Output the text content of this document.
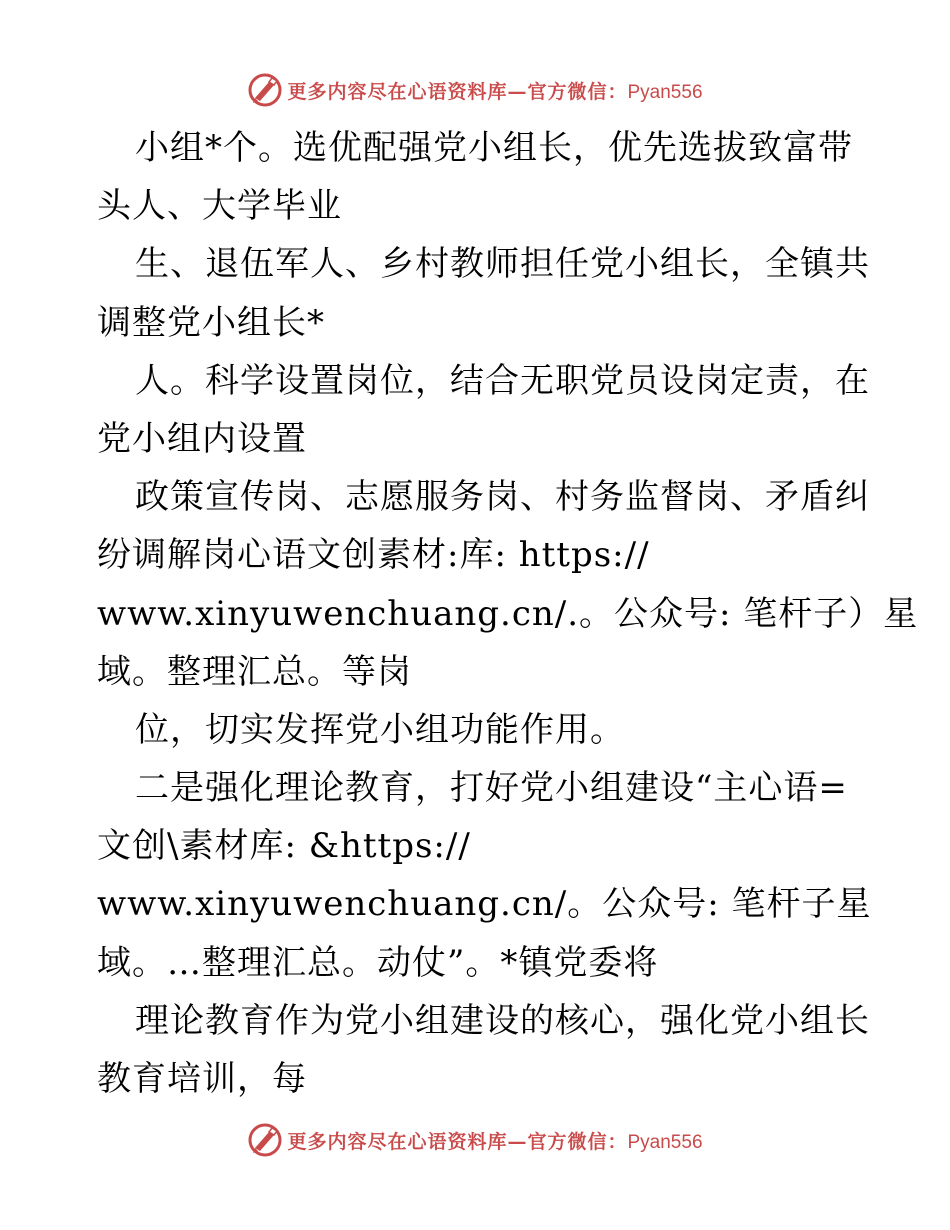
更多内容尽在心语资料库—官方微信：Pyan556
小组*个。选优配强党小组长，优先选拔致富带
头人、大学毕业
生、退伍军人、乡村教师担任党小组长，全镇共
调整党小组长*
人。科学设置岗位，结合无职党员设岗定责，在
党小组内设置
政策宣传岗、志愿服务岗、村务监督岗、矛盾纠
纷调解岗心语文创素材:库: https://
www.xinyuwenchuang.cn/.。公众号: 笔杆子）星
域。整理汇总。等岗
位，切实发挥党小组功能作用。
二是强化理论教育，打好党小组建设“主心语=
文创\素材库: &https://
www.xinyuwenchuang.cn/。公众号: 笔杆子星
域。…整理汇总。动仗”。*镇党委将
理论教育作为党小组建设的核心，强化党小组长
教育培训，每
更多内容尽在心语资料库—官方微信：Pyan556
